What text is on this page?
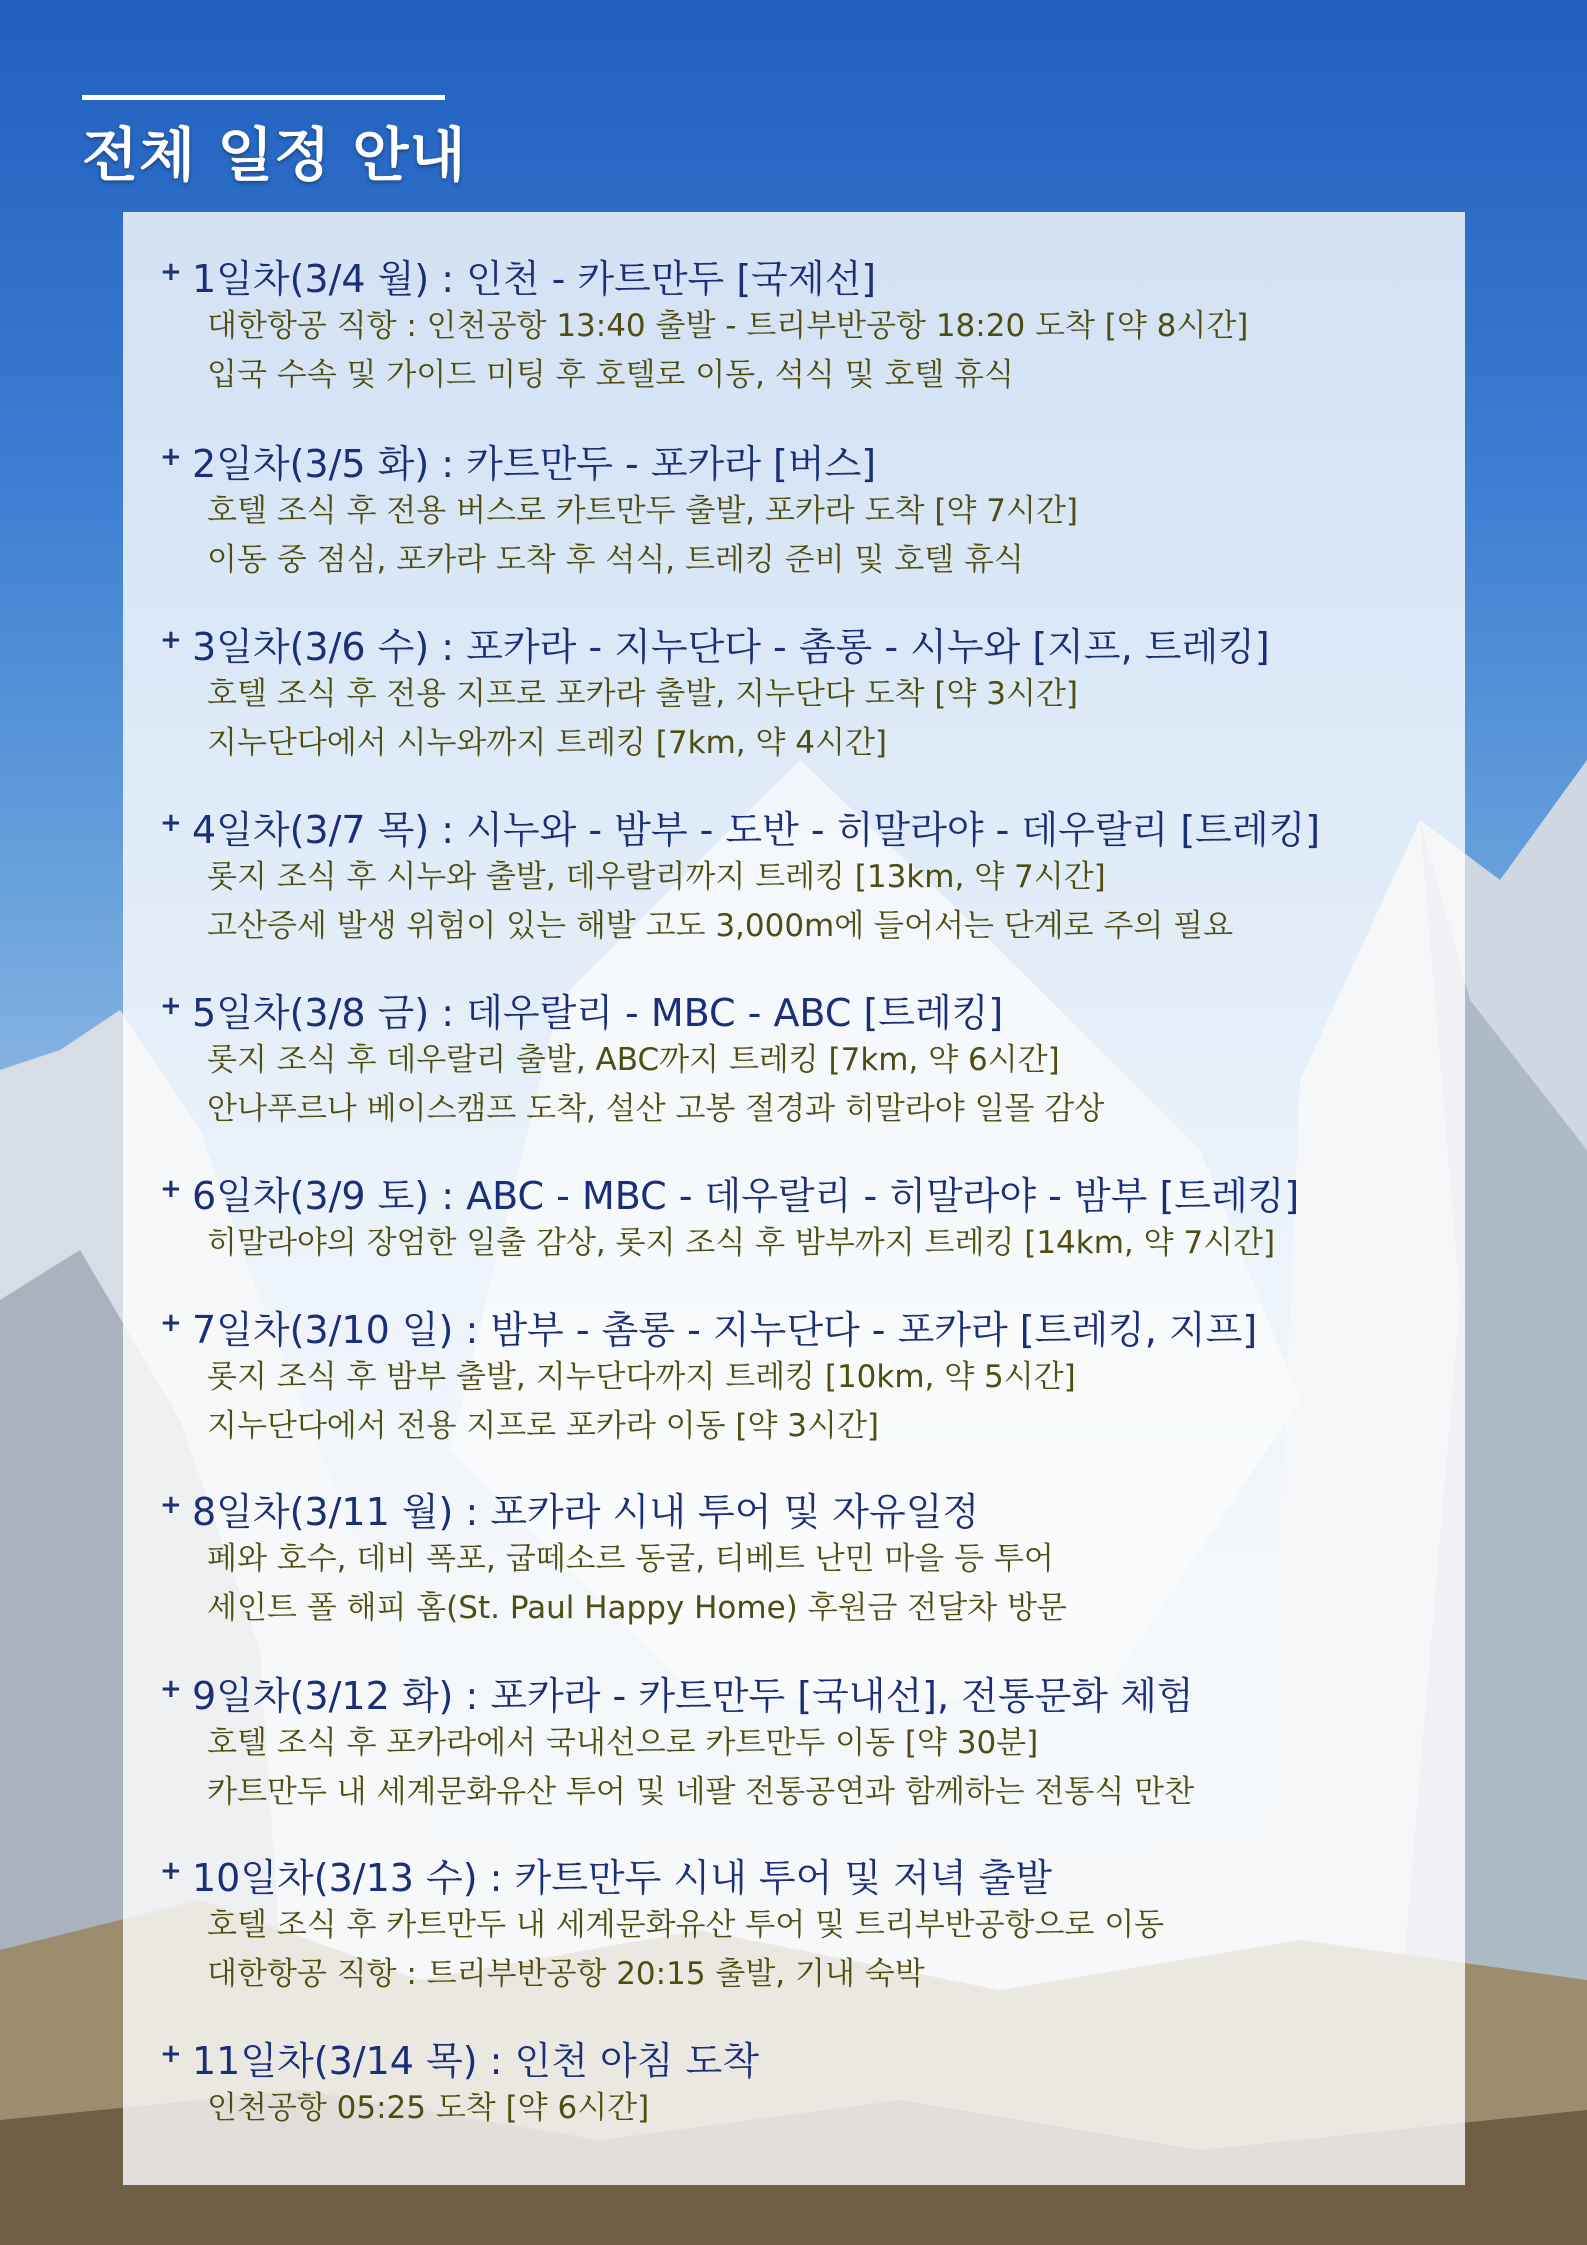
전체 일정 안내
+ 1일차(3/4 월) : 인천 - 카트만두 [국제선]
대한항공 직항 : 인천공항 13:40 출발 - 트리부반공항 18:20 도착 [약 8시간]
입국 수속 및 가이드 미팅 후 호텔로 이동, 석식 및 호텔 휴식
+ 2일차(3/5 화) : 카트만두 - 포카라 [버스]
호텔 조식 후 전용 버스로 카트만두 출발, 포카라 도착 [약 7시간]
이동 중 점심, 포카라 도착 후 석식, 트레킹 준비 및 호텔 휴식
+ 3일차(3/6 수) : 포카라 - 지누단다 - 촘롱 - 시누와 [지프, 트레킹]
호텔 조식 후 전용 지프로 포카라 출발, 지누단다 도착 [약 3시간]
지누단다에서 시누와까지 트레킹 [7km, 약 4시간]
+ 4일차(3/7 목) : 시누와 - 밤부 - 도반 - 히말라야 - 데우랄리 [트레킹]
롯지 조식 후 시누와 출발, 데우랄리까지 트레킹 [13km, 약 7시간]
고산증세 발생 위험이 있는 해발 고도 3,000m에 들어서는 단계로 주의 필요
+ 5일차(3/8 금) : 데우랄리 - MBC - ABC [트레킹]
롯지 조식 후 데우랄리 출발, ABC까지 트레킹 [7km, 약 6시간]
안나푸르나 베이스캠프 도착, 설산 고봉 절경과 히말라야 일몰 감상
+ 6일차(3/9 토) : ABC - MBC - 데우랄리 - 히말라야 - 밤부 [트레킹]
히말라야의 장엄한 일출 감상, 롯지 조식 후 밤부까지 트레킹 [14km, 약 7시간]
+ 7일차(3/10 일) : 밤부 - 촘롱 - 지누단다 - 포카라 [트레킹, 지프]
롯지 조식 후 밤부 출발, 지누단다까지 트레킹 [10km, 약 5시간]
지누단다에서 전용 지프로 포카라 이동 [약 3시간]
+ 8일차(3/11 월) : 포카라 시내 투어 및 자유일정
페와 호수, 데비 폭포, 굽떼소르 동굴, 티베트 난민 마을 등 투어
세인트 폴 해피 홈(St. Paul Happy Home) 후원금 전달차 방문
+ 9일차(3/12 화) : 포카라 - 카트만두 [국내선], 전통문화 체험
호텔 조식 후 포카라에서 국내선으로 카트만두 이동 [약 30분]
카트만두 내 세계문화유산 투어 및 네팔 전통공연과 함께하는 전통식 만찬
+ 10일차(3/13 수) : 카트만두 시내 투어 및 저녁 출발
호텔 조식 후 카트만두 내 세계문화유산 투어 및 트리부반공항으로 이동
대한항공 직항 : 트리부반공항 20:15 출발, 기내 숙박
+ 11일차(3/14 목) : 인천 아침 도착
인천공항 05:25 도착 [약 6시간]
